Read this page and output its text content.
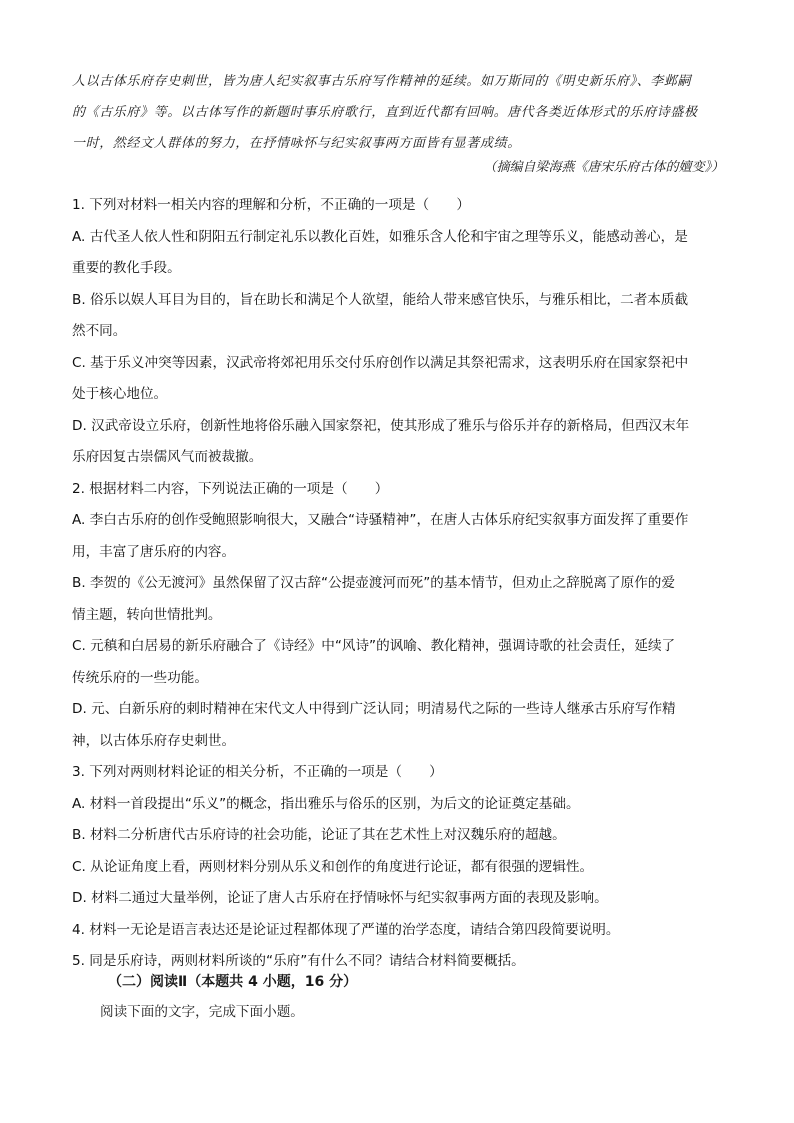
人以古体乐府存史刺世，皆为唐人纪实叙事古乐府写作精神的延续。如万斯同的《明史新乐府》、李邺嗣

的《古乐府》等。以古体写作的新题时事乐府歌行，直到近代都有回响。唐代各类近体形式的乐府诗盛极

一时，然经文人群体的努力，在抒情咏怀与纪实叙事两方面皆有显著成绩。

（摘编自梁海燕《唐宋乐府古体的嬗变》）

1. 下列对材料一相关内容的理解和分析，不正确的一项是（　　）

A. 古代圣人依人性和阴阳五行制定礼乐以教化百姓，如雅乐含人伦和宇宙之理等乐义，能感动善心，是

重要的教化手段。

B. 俗乐以娱人耳目为目的，旨在助长和满足个人欲望，能给人带来感官快乐，与雅乐相比，二者本质截

然不同。

C. 基于乐义冲突等因素，汉武帝将郊祀用乐交付乐府创作以满足其祭祀需求，这表明乐府在国家祭祀中

处于核心地位。

D. 汉武帝设立乐府，创新性地将俗乐融入国家祭祀，使其形成了雅乐与俗乐并存的新格局，但西汉末年

乐府因复古崇儒风气而被裁撤。

2. 根据材料二内容，下列说法正确的一项是（　　）

A. 李白古乐府的创作受鲍照影响很大，又融合“诗骚精神”，在唐人古体乐府纪实叙事方面发挥了重要作

用，丰富了唐乐府的内容。

B. 李贺的《公无渡河》虽然保留了汉古辞“公提壶渡河而死”的基本情节，但劝止之辞脱离了原作的爱

情主题，转向世情批判。

C. 元稹和白居易的新乐府融合了《诗经》中“风诗”的讽喻、教化精神，强调诗歌的社会责任，延续了

传统乐府的一些功能。

D. 元、白新乐府的刺时精神在宋代文人中得到广泛认同；明清易代之际的一些诗人继承古乐府写作精

神，以古体乐府存史刺世。

3. 下列对两则材料论证的相关分析，不正确的一项是（　　）

A. 材料一首段提出“乐义”的概念，指出雅乐与俗乐的区别，为后文的论证奠定基础。

B. 材料二分析唐代古乐府诗的社会功能，论证了其在艺术性上对汉魏乐府的超越。

C. 从论证角度上看，两则材料分别从乐义和创作的角度进行论证，都有很强的逻辑性。

D. 材料二通过大量举例，论证了唐人古乐府在抒情咏怀与纪实叙事两方面的表现及影响。

4. 材料一无论是语言表达还是论证过程都体现了严谨的治学态度，请结合第四段简要说明。

5. 同是乐府诗，两则材料所谈的“乐府”有什么不同？请结合材料简要概括。

（二）阅读Ⅱ（本题共 4 小题，16 分）
阅读下面的文字，完成下面小题。
